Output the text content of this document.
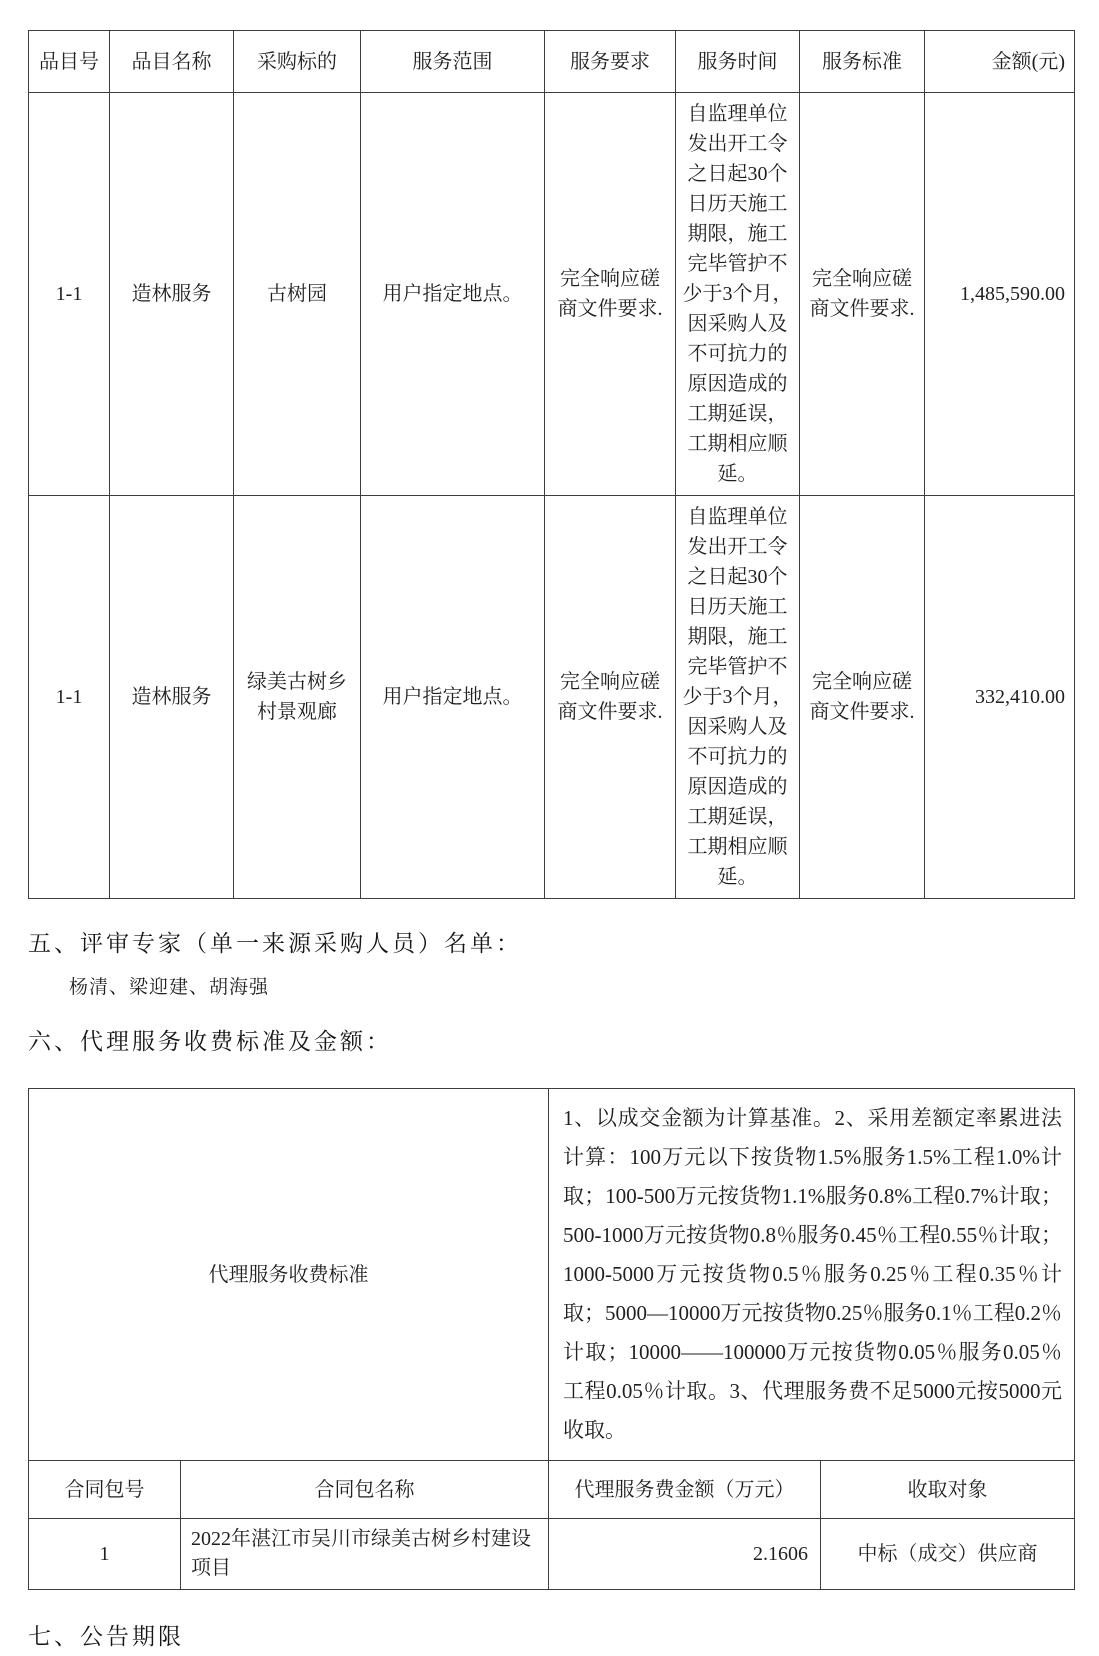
品目号	品目名称	采购标的	服务范围	服务要求	服务时间	服务标准	金额(元)
1-1	造林服务	古树园	用户指定地点。	完全响应磋商文件要求.	自监理单位发出开工令之日起30个日历天施工期限，施工完毕管护不少于3个月，因采购人及不可抗力的原因造成的工期延误，工期相应顺延。	完全响应磋商文件要求.	1,485,590.00
1-1	造林服务	绿美古树乡村景观廊	用户指定地点。	完全响应磋商文件要求.	自监理单位发出开工令之日起30个日历天施工期限，施工完毕管护不少于3个月，因采购人及不可抗力的原因造成的工期延误，工期相应顺延。	完全响应磋商文件要求.	332,410.00
五、评审专家（单一来源采购人员）名单：
杨清、梁迎建、胡海强
六、代理服务收费标准及金额：
代理服务收费标准		1、以成交金额为计算基准。2、采用差额定率累进法计算：100万元以下按货物1.5%服务1.5%工程1.0%计取；100-500万元按货物1.1%服务0.8%工程0.7%计取；500-1000万元按货物0.8％服务0.45％工程0.55％计取；1000-5000万元按货物0.5％服务0.25％工程0.35％计取；5000—10000万元按货物0.25％服务0.1％工程0.2％计取；10000——100000万元按货物0.05％服务0.05％工程0.05％计取。3、代理服务费不足5000元按5000元收取。	
合同包号	合同包名称	代理服务费金额（万元）	收取对象
1	2022年湛江市吴川市绿美古树乡村建设项目	2.1606	中标（成交）供应商
七、公告期限
